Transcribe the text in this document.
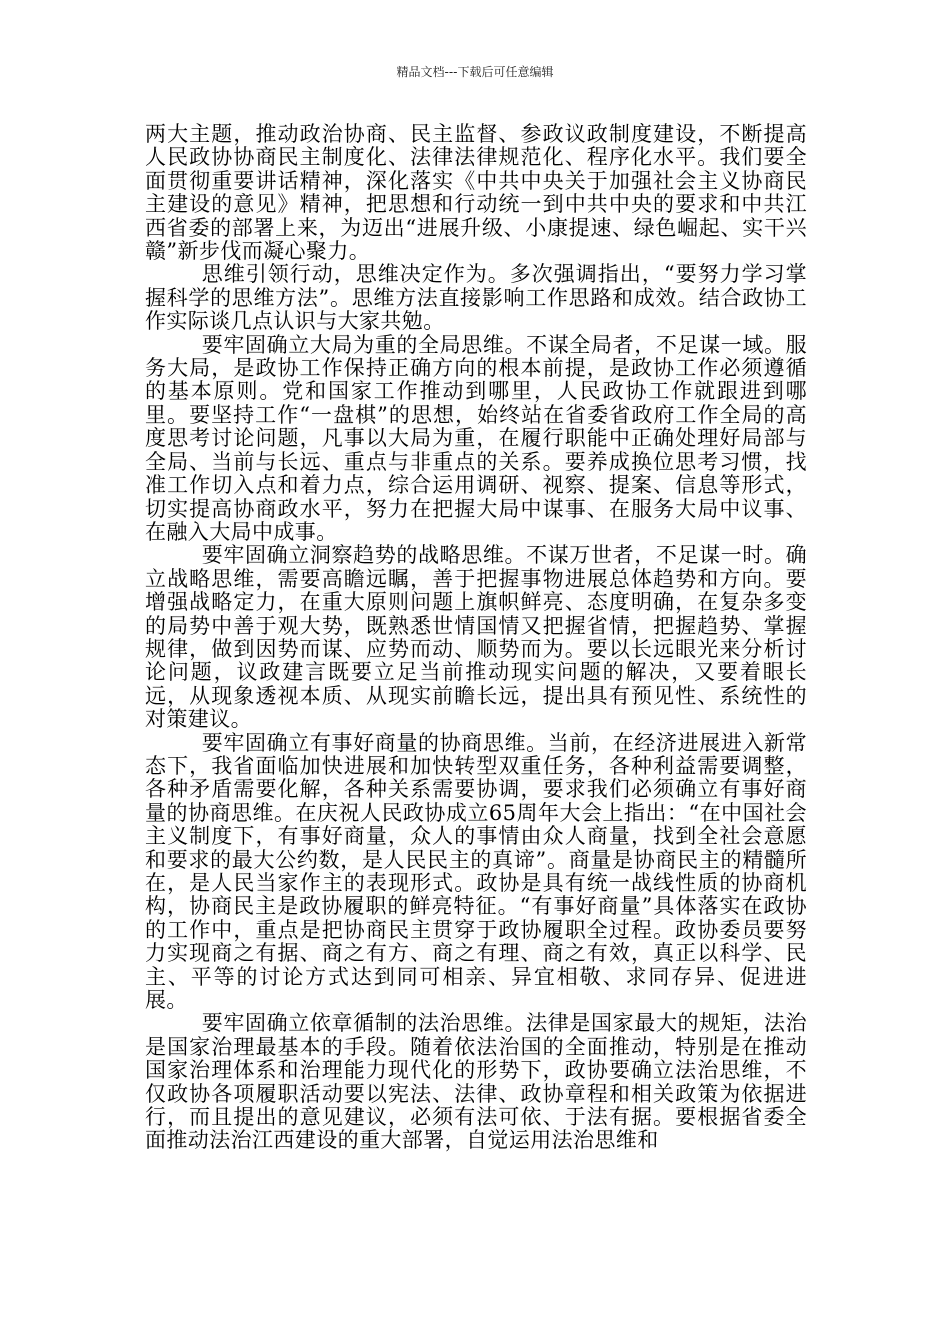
精品文档---下载后可任意编辑

两大主题，推动政治协商、民主监督、参政议政制度建设，不断提高人民政协协商民主制度化、法律法律规范化、程序化水平。我们要全面贯彻重要讲话精神，深化落实《中共中央关于加强社会主义协商民主建设的意见》精神，把思想和行动统一到中共中央的要求和中共江西省委的部署上来，为迈出“进展升级、小康提速、绿色崛起、实干兴赣”新步伐而凝心聚力。

思维引领行动，思维决定作为。多次强调指出，“要努力学习掌握科学的思维方法”。思维方法直接影响工作思路和成效。结合政协工作实际谈几点认识与大家共勉。

要牢固确立大局为重的全局思维。不谋全局者，不足谋一域。服务大局，是政协工作保持正确方向的根本前提，是政协工作必须遵循的基本原则。党和国家工作推动到哪里，人民政协工作就跟进到哪里。要坚持工作“一盘棋”的思想，始终站在省委省政府工作全局的高度思考讨论问题，凡事以大局为重，在履行职能中正确处理好局部与全局、当前与长远、重点与非重点的关系。要养成换位思考习惯，找准工作切入点和着力点，综合运用调研、视察、提案、信息等形式，切实提高协商政水平，努力在把握大局中谋事、在服务大局中议事、在融入大局中成事。

要牢固确立洞察趋势的战略思维。不谋万世者，不足谋一时。确立战略思维，需要高瞻远瞩，善于把握事物进展总体趋势和方向。要增强战略定力，在重大原则问题上旗帜鲜亮、态度明确，在复杂多变的局势中善于观大势，既熟悉世情国情又把握省情，把握趋势、掌握规律，做到因势而谋、应势而动、顺势而为。要以长远眼光来分析讨论问题，议政建言既要立足当前推动现实问题的解决，又要着眼长远，从现象透视本质、从现实前瞻长远，提出具有预见性、系统性的对策建议。

要牢固确立有事好商量的协商思维。当前，在经济进展进入新常态下，我省面临加快进展和加快转型双重任务，各种利益需要调整，各种矛盾需要化解，各种关系需要协调，要求我们必须确立有事好商量的协商思维。在庆祝人民政协成立65周年大会上指出：“在中国社会主义制度下，有事好商量，众人的事情由众人商量，找到全社会意愿和要求的最大公约数，是人民民主的真谛”。商量是协商民主的精髓所在，是人民当家作主的表现形式。政协是具有统一战线性质的协商机构，协商民主是政协履职的鲜亮特征。“有事好商量”具体落实在政协的工作中，重点是把协商民主贯穿于政协履职全过程。政协委员要努力实现商之有据、商之有方、商之有理、商之有效，真正以科学、民主、平等的讨论方式达到同可相亲、异宜相敬、求同存异、促进进展。

要牢固确立依章循制的法治思维。法律是国家最大的规矩，法治是国家治理最基本的手段。随着依法治国的全面推动，特别是在推动国家治理体系和治理能力现代化的形势下，政协要确立法治思维，不仅政协各项履职活动要以宪法、法律、政协章程和相关政策为依据进行，而且提出的意见建议，必须有法可依、于法有据。要根据省委全面推动法治江西建设的重大部署，自觉运用法治思维和
